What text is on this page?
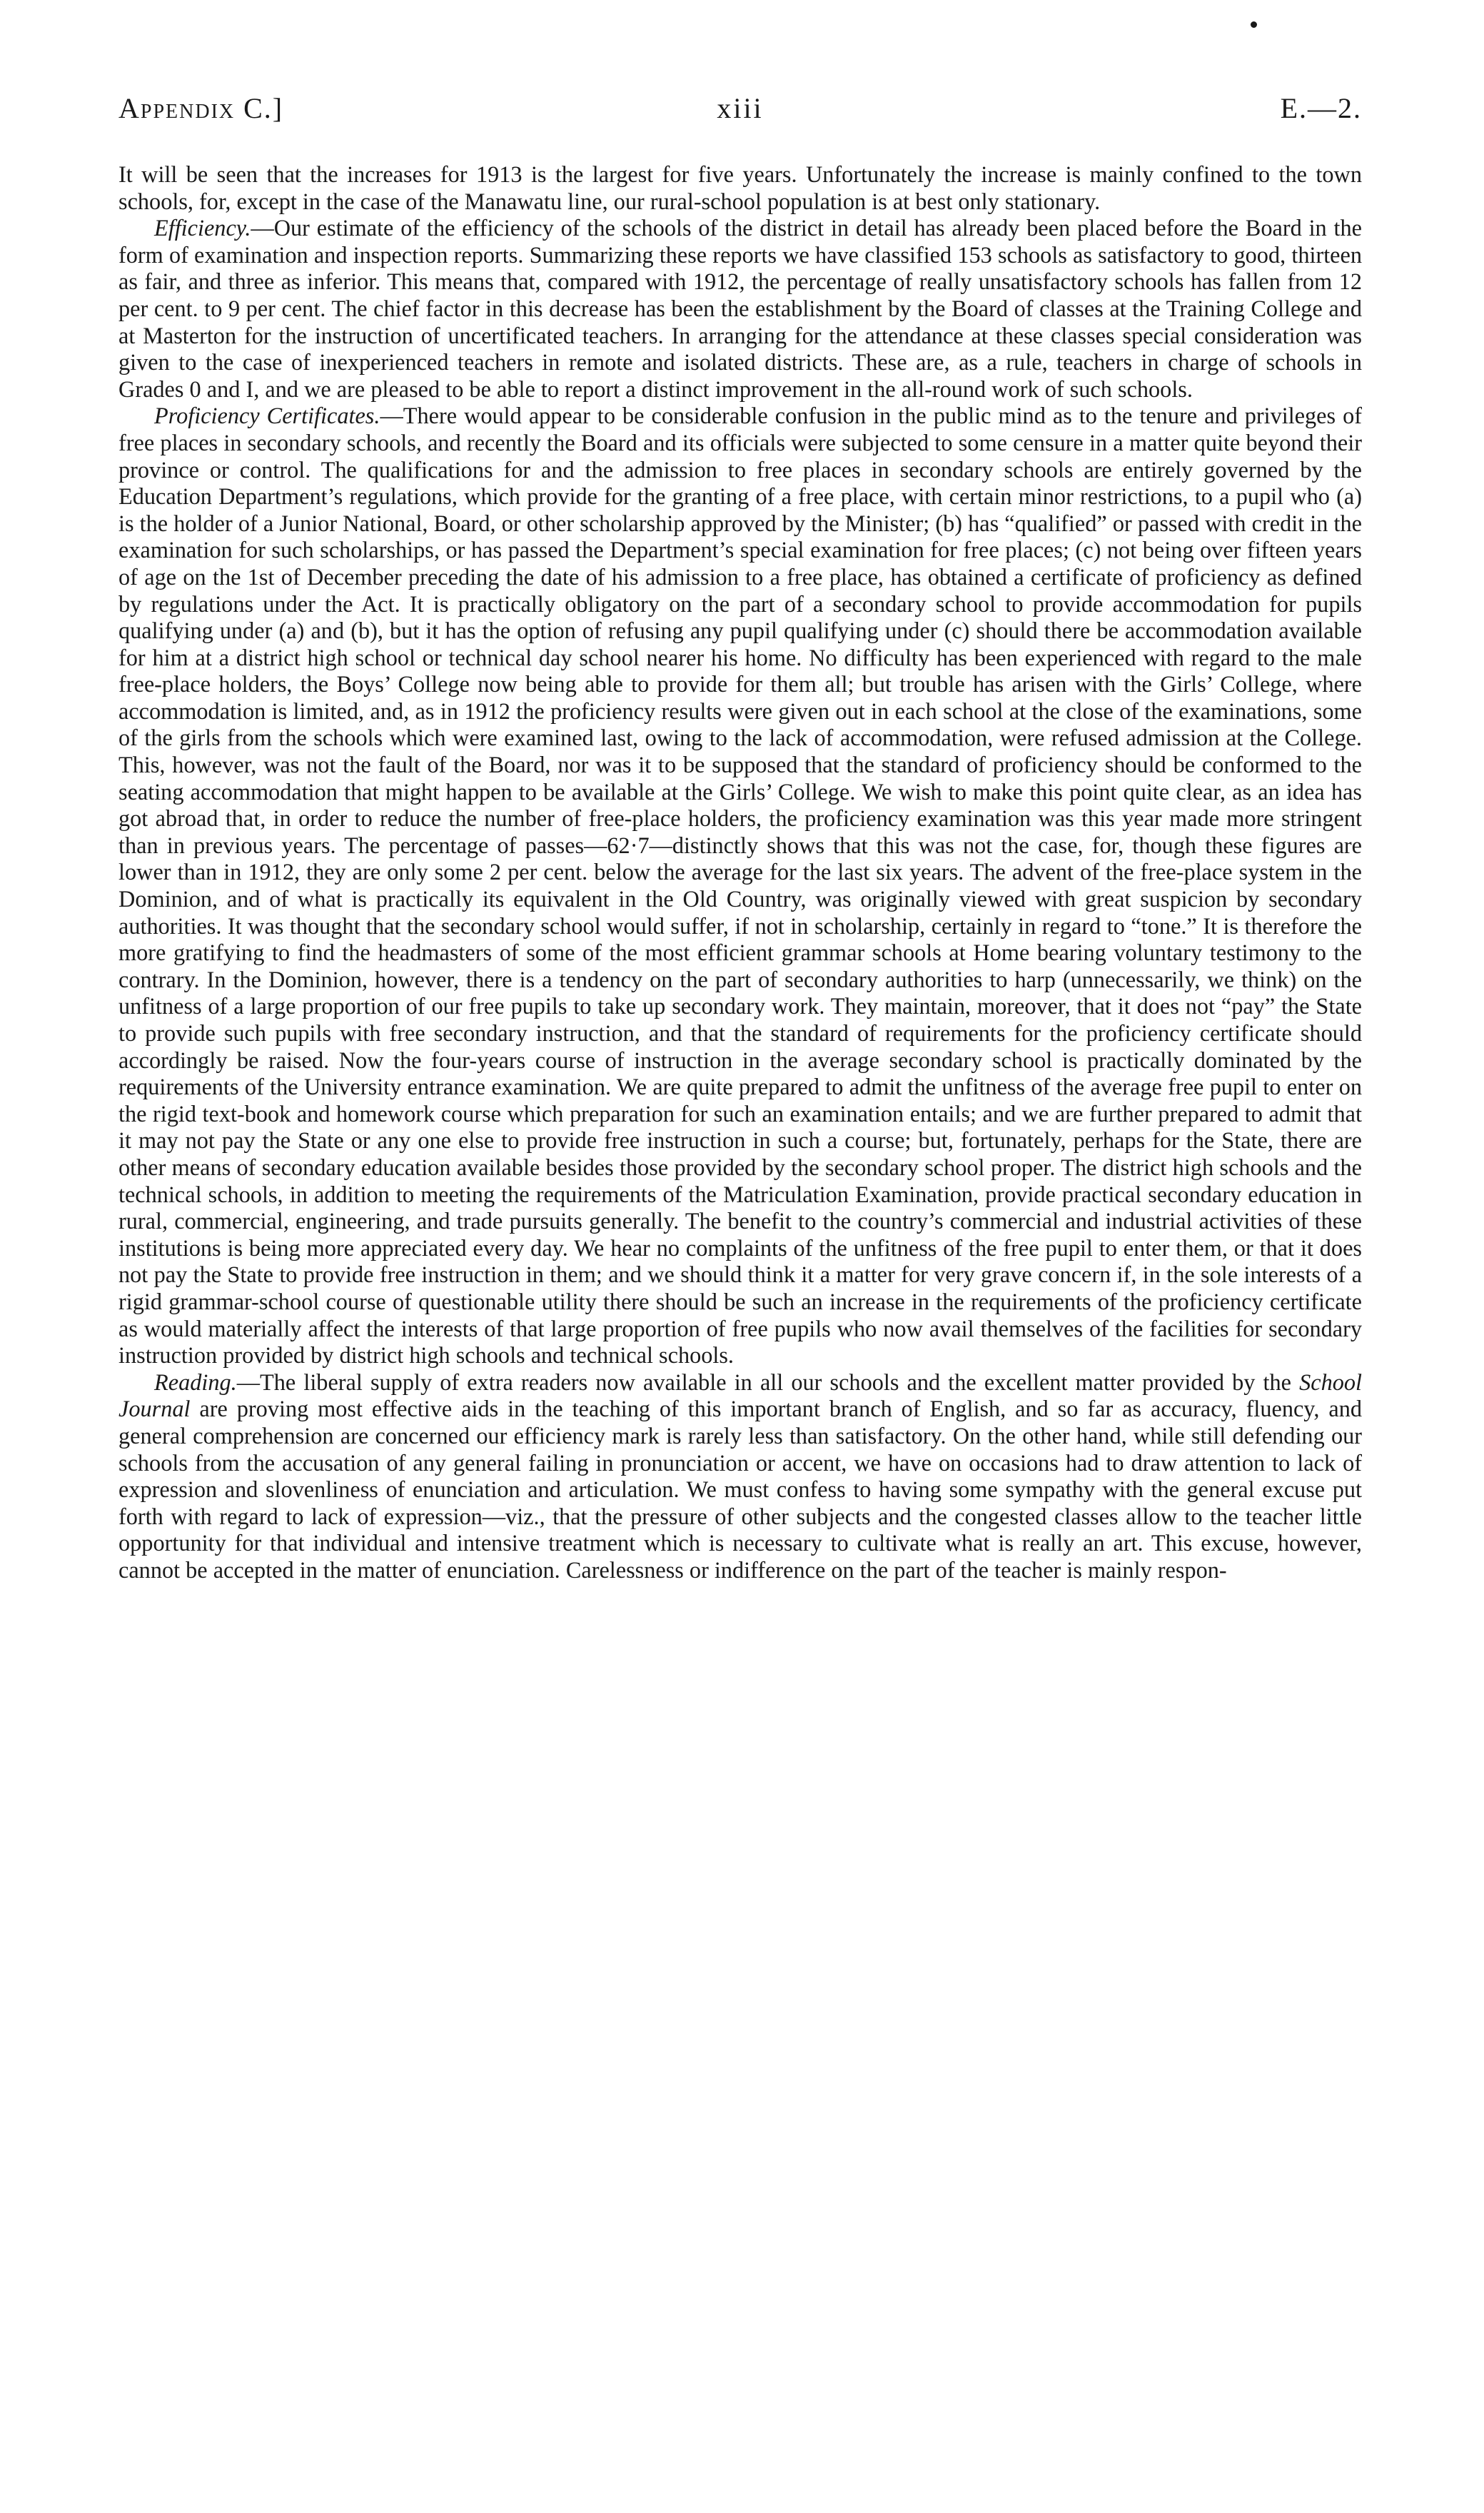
Appendix C.]	xiii	E.—2.

It will be seen that the increases for 1913 is the largest for five years. Unfortunately the increase is mainly confined to the town schools, for, except in the case of the Manawatu line, our rural-school population is at best only stationary.

Efficiency.—Our estimate of the efficiency of the schools of the district in detail has already been placed before the Board in the form of examination and inspection reports. Summarizing these reports we have classified 153 schools as satisfactory to good, thirteen as fair, and three as inferior. This means that, compared with 1912, the percentage of really unsatisfactory schools has fallen from 12 per cent. to 9 per cent. The chief factor in this decrease has been the establishment by the Board of classes at the Training College and at Masterton for the instruction of uncertificated teachers. In arranging for the attendance at these classes special consideration was given to the case of inexperienced teachers in remote and isolated districts. These are, as a rule, teachers in charge of schools in Grades 0 and I, and we are pleased to be able to report a distinct improvement in the all-round work of such schools.

Proficiency Certificates.—There would appear to be considerable confusion in the public mind as to the tenure and privileges of free places in secondary schools, and recently the Board and its officials were subjected to some censure in a matter quite beyond their province or control. The qualifications for and the admission to free places in secondary schools are entirely governed by the Education Department’s regulations, which provide for the granting of a free place, with certain minor restrictions, to a pupil who (a) is the holder of a Junior National, Board, or other scholarship approved by the Minister; (b) has “qualified” or passed with credit in the examination for such scholarships, or has passed the Department’s special examination for free places; (c) not being over fifteen years of age on the 1st of December preceding the date of his admission to a free place, has obtained a certificate of proficiency as defined by regulations under the Act. It is practically obligatory on the part of a secondary school to provide accommodation for pupils qualifying under (a) and (b), but it has the option of refusing any pupil qualifying under (c) should there be accommodation available for him at a district high school or technical day school nearer his home. No difficulty has been experienced with regard to the male free-place holders, the Boys’ College now being able to provide for them all; but trouble has arisen with the Girls’ College, where accommodation is limited, and, as in 1912 the proficiency results were given out in each school at the close of the examinations, some of the girls from the schools which were examined last, owing to the lack of accommodation, were refused admission at the College. This, however, was not the fault of the Board, nor was it to be supposed that the standard of proficiency should be conformed to the seating accommodation that might happen to be available at the Girls’ College. We wish to make this point quite clear, as an idea has got abroad that, in order to reduce the number of free-place holders, the proficiency examination was this year made more stringent than in previous years. The percentage of passes—62·7—distinctly shows that this was not the case, for, though these figures are lower than in 1912, they are only some 2 per cent. below the average for the last six years. The advent of the free-place system in the Dominion, and of what is practically its equivalent in the Old Country, was originally viewed with great suspicion by secondary authorities. It was thought that the secondary school would suffer, if not in scholarship, certainly in regard to “tone.” It is therefore the more gratifying to find the headmasters of some of the most efficient grammar schools at Home bearing voluntary testimony to the contrary. In the Dominion, however, there is a tendency on the part of secondary authorities to harp (unnecessarily, we think) on the unfitness of a large proportion of our free pupils to take up secondary work. They maintain, moreover, that it does not “pay” the State to provide such pupils with free secondary instruction, and that the standard of requirements for the proficiency certificate should accordingly be raised. Now the four-years course of instruction in the average secondary school is practically dominated by the requirements of the University entrance examination. We are quite prepared to admit the unfitness of the average free pupil to enter on the rigid text-book and homework course which preparation for such an examination entails; and we are further prepared to admit that it may not pay the State or any one else to provide free instruction in such a course; but, fortunately, perhaps for the State, there are other means of secondary education available besides those provided by the secondary school proper. The district high schools and the technical schools, in addition to meeting the requirements of the Matriculation Examination, provide practical secondary education in rural, commercial, engineering, and trade pursuits generally. The benefit to the country’s commercial and industrial activities of these institutions is being more appreciated every day. We hear no complaints of the unfitness of the free pupil to enter them, or that it does not pay the State to provide free instruction in them; and we should think it a matter for very grave concern if, in the sole interests of a rigid grammar-school course of questionable utility there should be such an increase in the requirements of the proficiency certificate as would materially affect the interests of that large proportion of free pupils who now avail themselves of the facilities for secondary instruction provided by district high schools and technical schools.

Reading.—The liberal supply of extra readers now available in all our schools and the excellent matter provided by the School Journal are proving most effective aids in the teaching of this important branch of English, and so far as accuracy, fluency, and general comprehension are concerned our efficiency mark is rarely less than satisfactory. On the other hand, while still defending our schools from the accusation of any general failing in pronunciation or accent, we have on occasions had to draw attention to lack of expression and slovenliness of enunciation and articulation. We must confess to having some sympathy with the general excuse put forth with regard to lack of expression—viz., that the pressure of other subjects and the congested classes allow to the teacher little opportunity for that individual and intensive treatment which is necessary to cultivate what is really an art. This excuse, however, cannot be accepted in the matter of enunciation. Carelessness or indifference on the part of the teacher is mainly respon-
